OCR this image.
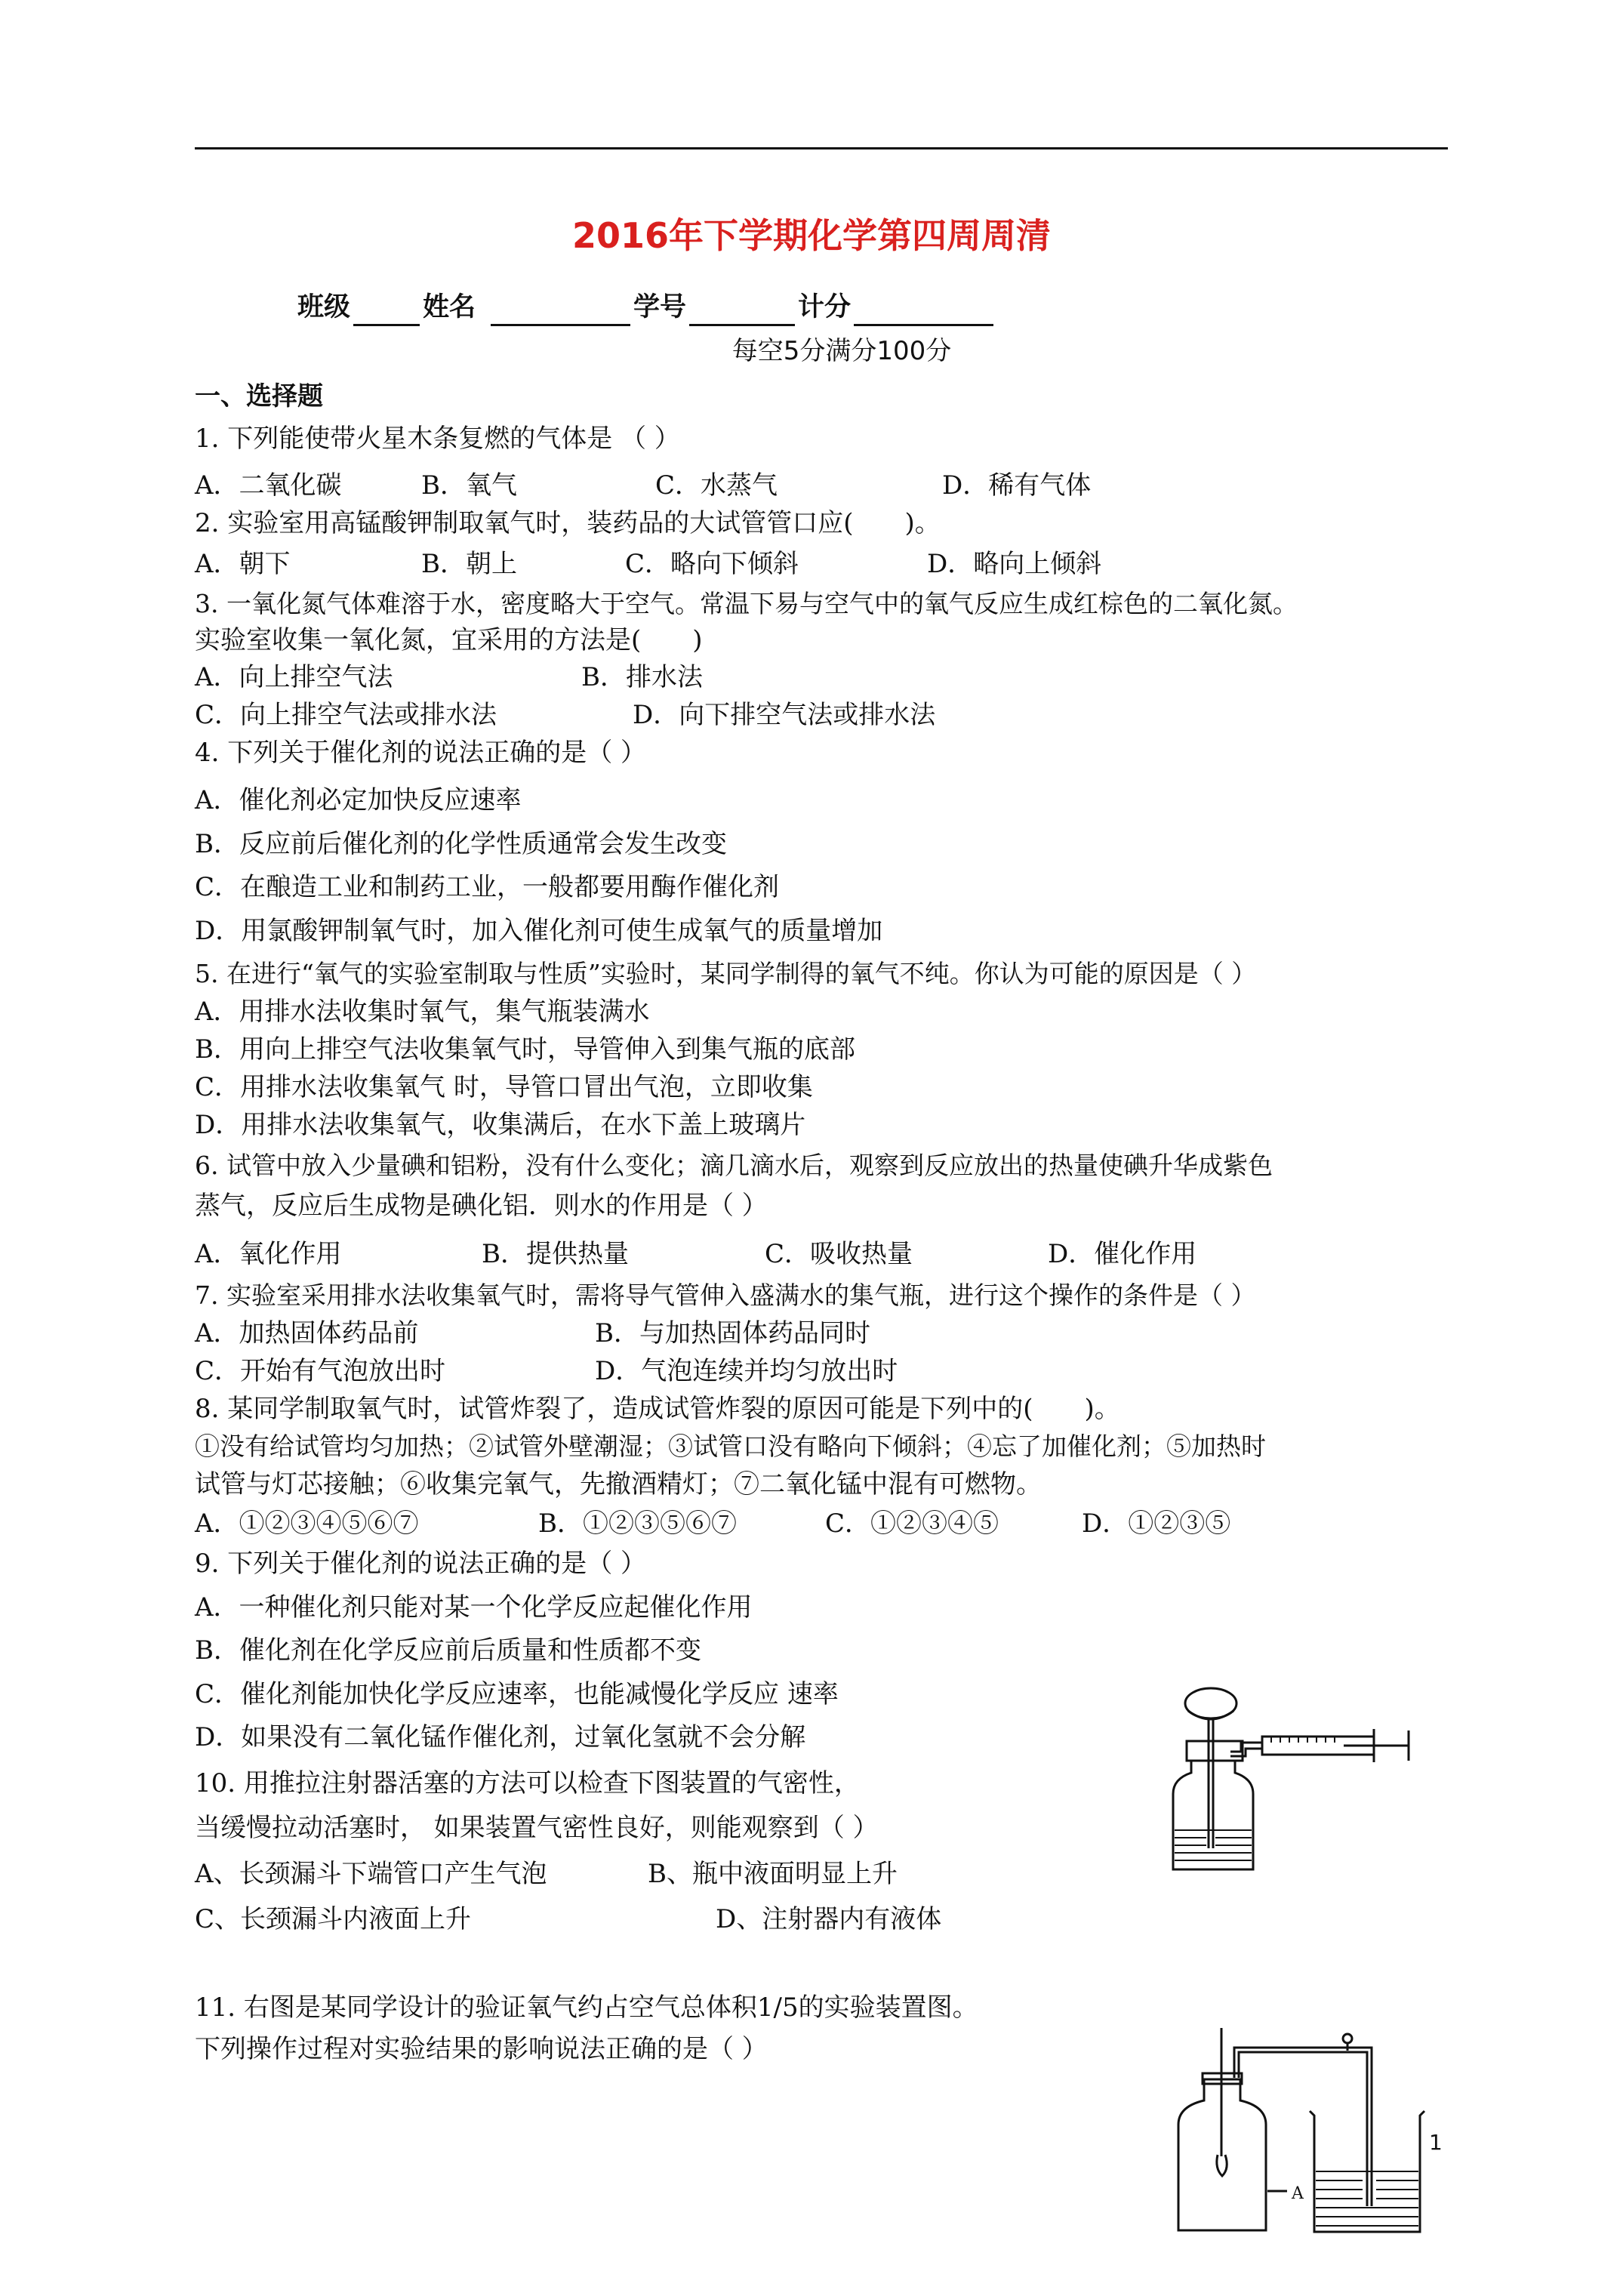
2016年下学期化学第四周周清
班级	姓名	学号	计分
每空5分满分100分
一、选择题
1. 下列能使带火星木条复燃的气体是 （ ）
A．二氧化碳	B．氧气	C．水蒸气	D．稀有气体
2. 实验室用高锰酸钾制取氧气时，装药品的大试管管口应(　　)。
A．朝下	B．朝上	C．略向下倾斜	D．略向上倾斜
3. 一氧化氮气体难溶于水，密度略大于空气。常温下易与空气中的氧气反应生成红棕色的二氧化氮。
实验室收集一氧化氮，宜采用的方法是(　　)
A．向上排空气法	B．排水法
C．向上排空气法或排水法	D．向下排空气法或排水法
4. 下列关于催化剂的说法正确的是（ ）
A．催化剂必定加快反应速率
B．反应前后催化剂的化学性质通常会发生改变
C．在酿造工业和制药工业，一般都要用酶作催化剂
D．用氯酸钾制氧气时，加入催化剂可使生成氧气的质量增加
5. 在进行“氧气的实验室制取与性质”实验时，某同学制得的氧气不纯。你认为可能的原因是（ ）
A．用排水法收集时氧气，集气瓶装满水
B．用向上排空气法收集氧气时，导管伸入到集气瓶的底部
C．用排水法收集氧气 时，导管口冒出气泡，立即收集
D．用排水法收集氧气，收集满后，在水下盖上玻璃片
6. 试管中放入少量碘和铝粉，没有什么变化；滴几滴水后，观察到反应放出的热量使碘升华成紫色
蒸气，反应后生成物是碘化铝．则水的作用是（ ）
A．氧化作用	B．提供热量	C．吸收热量	D．催化作用
7. 实验室采用排水法收集氧气时，需将导气管伸入盛满水的集气瓶，进行这个操作的条件是（ ）
A．加热固体药品前	B．与加热固体药品同时
C．开始有气泡放出时	D．气泡连续并均匀放出时
8. 某同学制取氧气时，试管炸裂了，造成试管炸裂的原因可能是下列中的(　　)。
①没有给试管均匀加热；②试管外壁潮湿；③试管口没有略向下倾斜；④忘了加催化剂；⑤加热时
试管与灯芯接触；⑥收集完氧气，先撤酒精灯；⑦二氧化锰中混有可燃物。
A．①②③④⑤⑥⑦	B．①②③⑤⑥⑦	C．①②③④⑤	D．①②③⑤
9. 下列关于催化剂的说法正确的是（ ）
A．一种催化剂只能对某一个化学反应起催化作用
B．催化剂在化学反应前后质量和性质都不变
C．催化剂能加快化学反应速率，也能减慢化学反应 速率
D．如果没有二氧化锰作催化剂，过氧化氢就不会分解
10. 用推拉注射器活塞的方法可以检查下图装置的气密性，
当缓慢拉动活塞时， 如果装置气密性良好，则能观察到（ ）
A、长颈漏斗下端管口产生气泡	B、瓶中液面明显上升
C、长颈漏斗内液面上升	D、注射器内有液体
11. 右图是某同学设计的验证氧气约占空气总体积1/5的实验装置图。
下列操作过程对实验结果的影响说法正确的是（ ）
A
1
